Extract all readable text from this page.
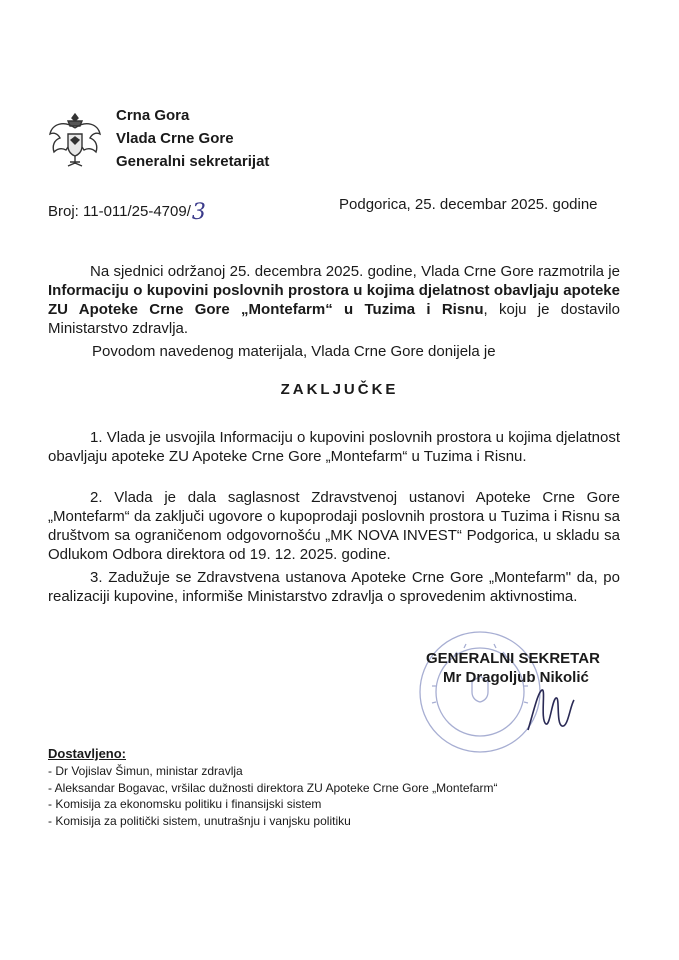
Crna Gora
Vlada Crne Gore
Generalni sekretarijat
Broj: 11-011/25-4709/3	Podgorica, 25. decembar 2025. godine
Na sjednici održanoj 25. decembra 2025. godine, Vlada Crne Gore razmotrila je Informaciju o kupovini poslovnih prostora u kojima djelatnost obavljaju apoteke ZU Apoteke Crne Gore „Montefarm“ u Tuzima i Risnu, koju je dostavilo Ministarstvo zdravlja.
Povodom navedenog materijala, Vlada Crne Gore donijela je
ZAKLJUČKE
1. Vlada je usvojila Informaciju o kupovini poslovnih prostora u kojima djelatnost obavljaju apoteke ZU Apoteke Crne Gore „Montefarm“ u Tuzima i Risnu.
2. Vlada je dala saglasnost Zdravstvenoj ustanovi Apoteke Crne Gore „Montefarm“ da zaključi ugovore o kupoprodaji poslovnih prostora u Tuzima i Risnu sa društvom sa ograničenom odgovornošću „MK NOVA INVEST“ Podgorica, u skladu sa Odlukom Odbora direktora od 19. 12. 2025. godine.
3. Zadužuje se Zdravstvena ustanova Apoteke Crne Gore „Montefarm" da, po realizaciji kupovine, informiše Ministarstvo zdravlja o sprovedenim aktivnostima.
GENERALNI SEKRETAR
Mr Dragoljub Nikolić
Dostavljeno:
- Dr Vojislav Šimun, ministar zdravlja
- Aleksandar Bogavac, vršilac dužnosti direktora ZU Apoteke Crne Gore „Montefarm“
- Komisija za ekonomsku politiku i finansijski sistem
- Komisija za politički sistem, unutrašnju i vanjsku politiku
